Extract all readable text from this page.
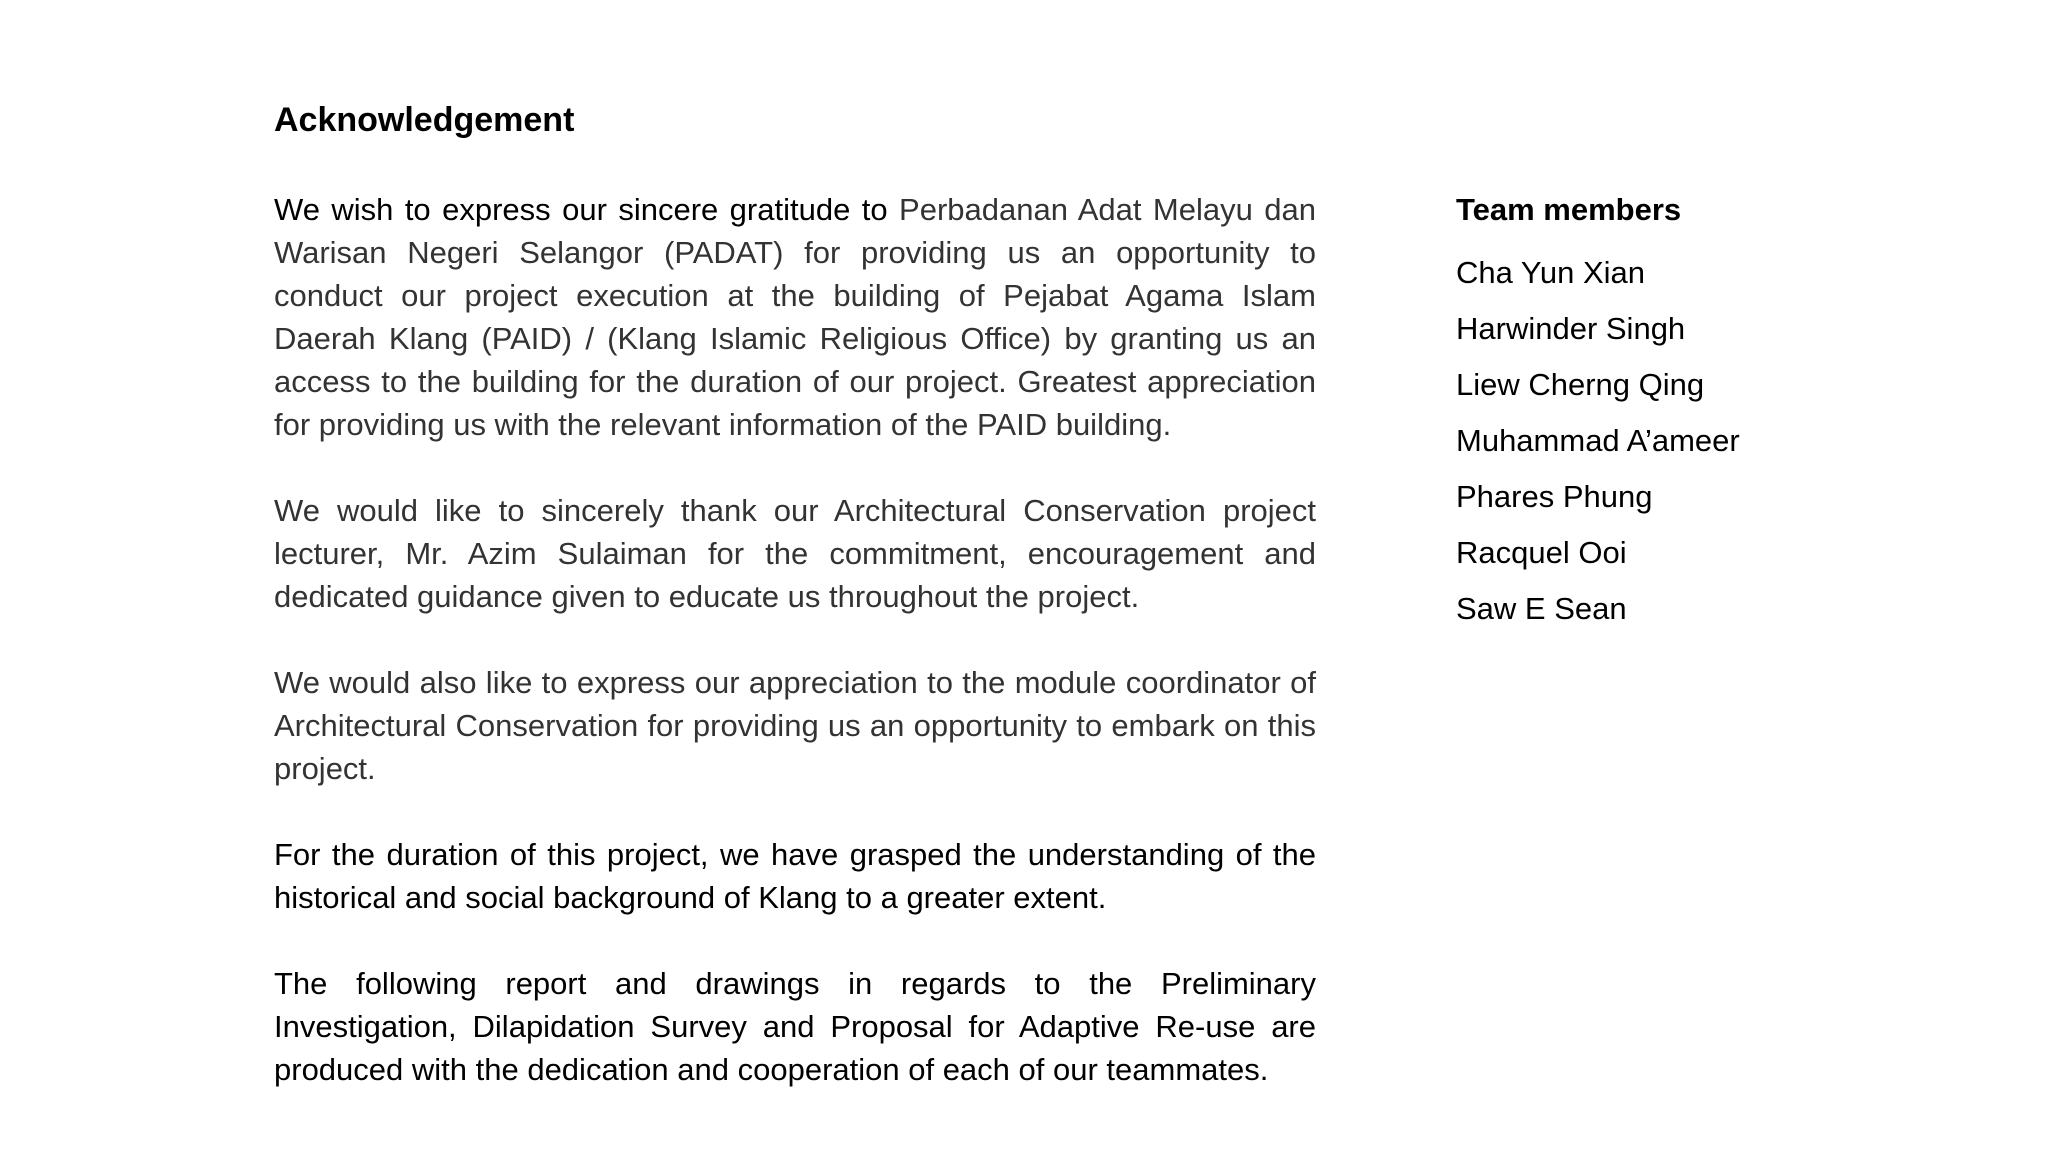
Acknowledgement

We wish to express our sincere gratitude to Perbadanan Adat Melayu dan Warisan Negeri Selangor (PADAT) for providing us an opportunity to conduct our project execution at the building of Pejabat Agama Islam Daerah Klang (PAID) / (Klang Islamic Religious Office) by granting us an access to the building for the duration of our project. Greatest appreciation for providing us with the relevant information of the PAID building.

We would like to sincerely thank our Architectural Conservation project lecturer, Mr. Azim Sulaiman for the commitment, encouragement and dedicated guidance given to educate us throughout the project.

We would also like to express our appreciation to the module coordinator of Architectural Conservation for providing us an opportunity to embark on this project.

For the duration of this project, we have grasped the understanding of the historical and social background of Klang to a greater extent.

The following report and drawings in regards to the Preliminary Investigation, Dilapidation Survey and Proposal for Adaptive Re-use are produced with the dedication and cooperation of each of our teammates.

Team members
Cha Yun Xian
Harwinder Singh
Liew Cherng Qing
Muhammad A’ameer
Phares Phung
Racquel Ooi
Saw E Sean
